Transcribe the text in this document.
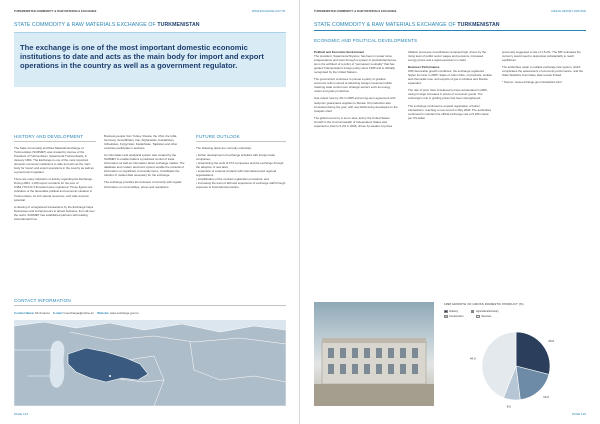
TURKMENISTAN COMMODITY & RAW MATERIALS EXCHANGE	WWW.EXCHANGE.GOV.TM
STATE COMMODITY & RAW MATERIALS EXCHANGE OF TURKMENISTAN
The exchange is one of the most important domestic economic institutions to date and acts as the main body for import and export operations in the country as well as a government regulator.
HISTORY AND DEVELOPMENT

The State Commodity and Raw Materials Exchange of Turkmenistan (SCRMET) was created by decree of the President of Turkmenistan, Saparmurat Turkmenbashi, in January 1994. The Exchange is one of the most important domestic economic institutions to date and acts as the main body for import and export operations in the country as well as a government regulator.

There are many indicators of activity regarding the Exchange. During 2004, 1,025 export contracts for the sum of US$4,770,072.4 thousand were registered. These figures are indicative of the favourable political and economic situation in Turkmenistan, its rich natural resources, and vital resource potential.

A clearing of unregistered transactions by the Exchange helps businesses and entrepreneurs to attract business, from all over the world. SCRMET has established partners with leading international firms.

Business people from Turkey, Russia, the USA, the UAE, Germany, Great Britain, Iran, Afghanistan, Kazakhstan, Uzbekistan, Kyrgyzstan, Kazakhstan, Tajikistan and other countries participate in auctions.

An information and analytical system was created by the SCRMET to enable bidders a predicted control of trade information as well as information about exchange market. The database and modern electronic system enable the retrieval of information on significant commodity items. It facilitates the transfer of market data necessary for the exchange.

The exchange provides the business community with regular information on commodities, prices and quotations.

FUTURE OUTLOOK

The following plans are currently underway:

• further development of exchange activities with foreign trade companies,
• streamlining the work of FTA companies and the exchange through the adoption of new laws,
• expansion of external contacts with international and regional organisations,
• simplification of the contract registration procedure, and
• increasing the level of skill and experience of exchange staff through exposure to international practice.
CONTACT INFORMATION
Contact Name: Mr Amanov E-mail: tmexchange@online.tm Website: www.exchange.gov.tm
PAGE 124
TURKMENISTAN COMMODITY & RAW MATERIALS EXCHANGE	ANNUAL REPORT 2005-2006
STATE COMMODITY & RAW MATERIALS EXCHANGE OF TURKMENISTAN
ECONOMIC AND POLITICAL DEVELOPMENTS

Political and Economic Environment
The president, Saparmurat Niyazov, has been in power since independence and rules through a system of presidential decree. He is the architect of a policy of "permanent neutrality" that has guided Turkmenistan's foreign policy since 1995 and is officially recognised by the United Nations.

The government continues to pursue a policy of gradual economic reform aimed at attracting foreign investment while retaining state control over strategic sectors such as energy, cotton and grain production.

Gas output rose by 4% in 2005 and a long-term agreement with Gazprom guarantees supplies to Russia. Oil production also increased during the year, with new fields being developed on the Caspian shelf.

The global economy is set to slow, led by the United States. Growth in the Commonwealth of Independent States was expected to slow to 6.2% in 2006, driven by weaker oil prices.

Inflation pressures nevertheless remained high, driven by the rising level of public sector wages and pensions, increased energy prices and a rapid expansion in credit.

Business Performance
With favourable growth conditions, the exchange registered higher turnover in 2005. Sales of cotton fibre, oil products, textiles and chemicals rose, and exports of gas to Ukraine and Russia expanded.

The rate of price rises is believed to have accelerated in 2006, owing to large increases in prices of consumer goods. The exchange's role in guiding prices has been strengthened.

The exchange continued to expand registration of barter transactions, reaching a new record in May 2006. The authorities continued to maintain the official exchange rate at 5,200 manat per US dollar.

previously suggested a rate of 1.5-2%. The IMF estimates the currency would need to depreciate substantially to reach equilibrium.

The authorities retain a multiple exchange rate system, which complicates the assessment of economic performance, and the State Statistics Committee data remain limited.

* Source: www.exchange.gov.tm/statistics.html

1998 GROWTH OF GROSS DOMESTIC PRODUCT (%)
Industry	Agriculture/Forestry
Construction	Services
29.0
19.0
8.0
44.0
PAGE 125
